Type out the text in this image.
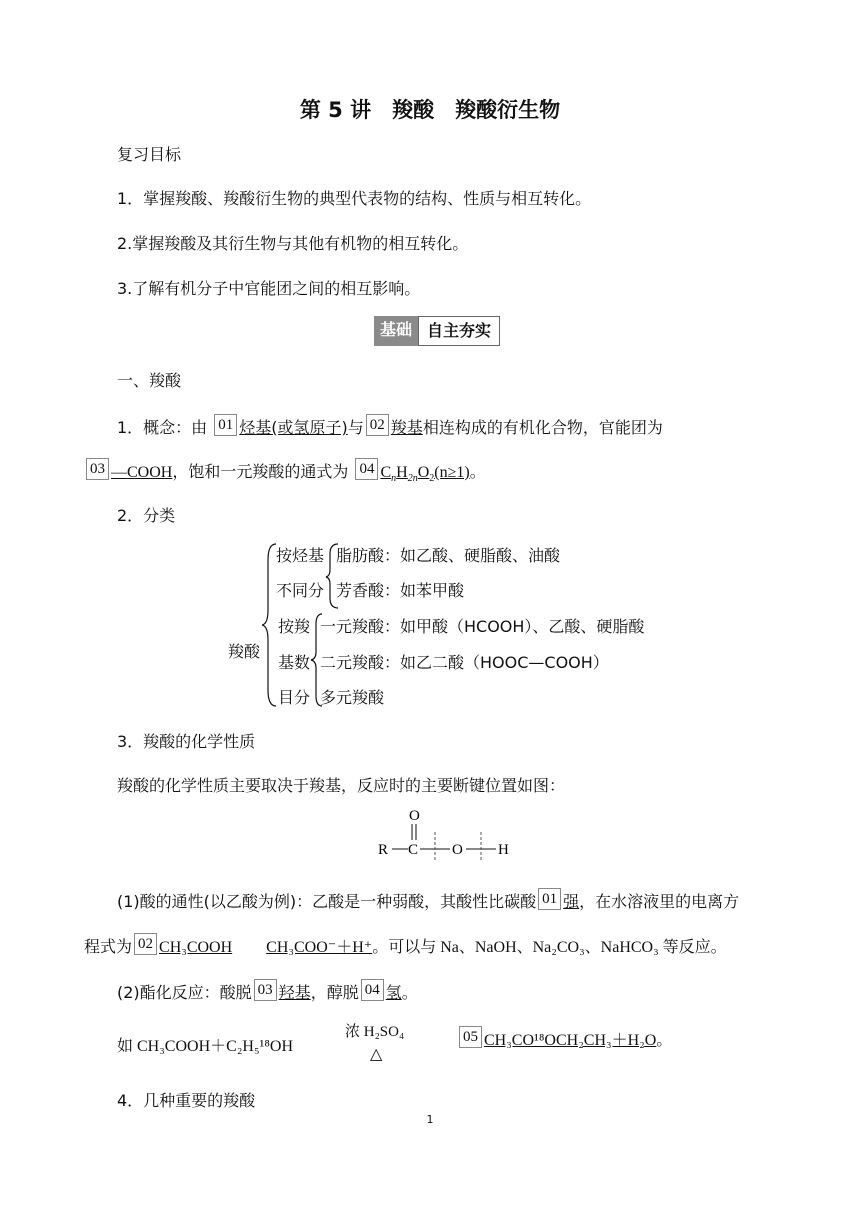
第 5 讲　羧酸　羧酸衍生物
复习目标
1．掌握羧酸、羧酸衍生物的典型代表物的结构、性质与相互转化。
2.掌握羧酸及其衍生物与其他有机物的相互转化。
3.了解有机分子中官能团之间的相互影响。
基础 自主夯实
一、羧酸
1．概念：由 01 烃基(或氢原子)与 02 羧基相连构成的有机化合物，官能团为
03 —COOH，饱和一元羧酸的通式为 04 $C_nH_{2n}O_2(n\ge 1)$。
2．分类
羧酸
按烃基
不同分
脂肪酸：如乙酸、硬脂酸、油酸
芳香酸：如苯甲酸
按羧
基数
目分
一元羧酸：如甲酸（HCOOH）、乙酸、硬脂酸
二元羧酸：如乙二酸（HOOC—COOH）
多元羧酸
3．羧酸的化学性质
羧酸的化学性质主要取决于羧基，反应时的主要断键位置如图：
O
R C O H
(1)酸的通性(以乙酸为例)：乙酸是一种弱酸，其酸性比碳酸 01 强，在水溶液里的电离方
程式为 02 CH₃COOH CH₃COO⁻＋H⁺。可以与 Na、NaOH、Na₂CO₃、NaHCO₃ 等反应。
(2)酯化反应：酸脱 03 羟基，醇脱 04 氢。
如 CH₃COOH＋C₂H₅¹⁸OH
浓 H₂SO₄
△
05 CH₃CO¹⁸OCH₂CH₃＋H₂O。
4．几种重要的羧酸
1
